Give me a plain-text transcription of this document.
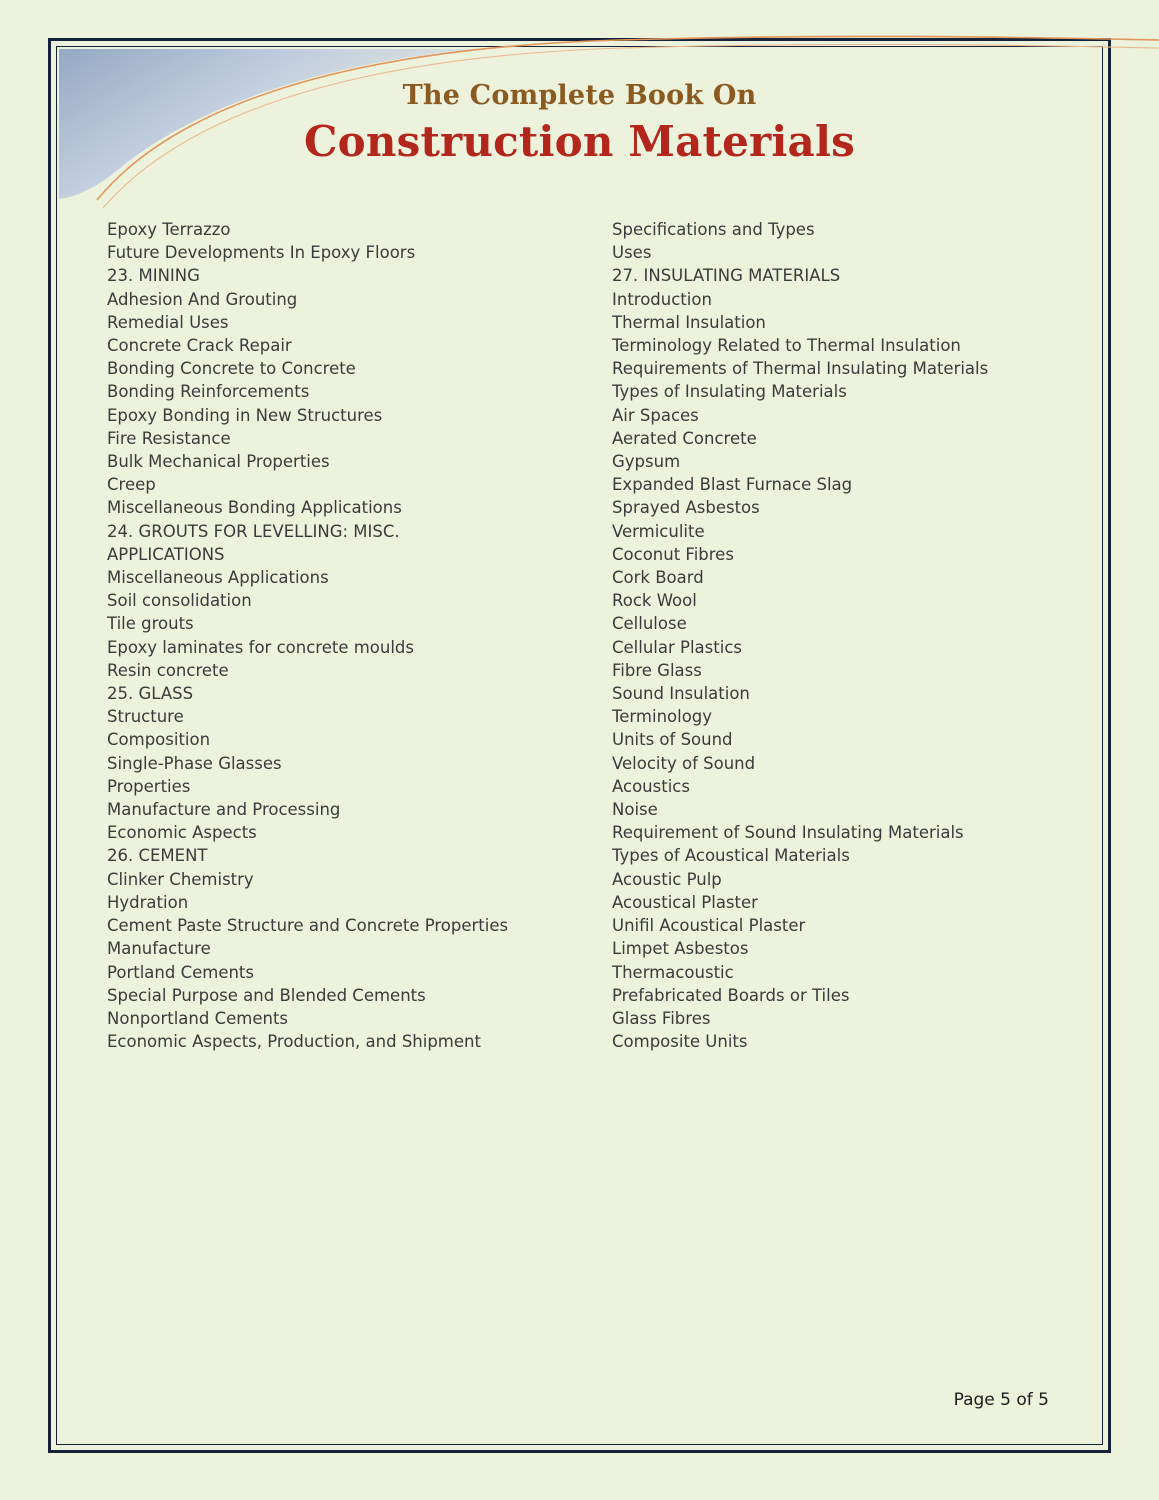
The Complete Book On
Construction Materials
Epoxy Terrazzo
Future Developments In Epoxy Floors
23. MINING
Adhesion And Grouting
Remedial Uses
Concrete Crack Repair
Bonding Concrete to Concrete
Bonding Reinforcements
Epoxy Bonding in New Structures
Fire Resistance
Bulk Mechanical Properties
Creep
Miscellaneous Bonding Applications
24. GROUTS FOR LEVELLING: MISC.
APPLICATIONS
Miscellaneous Applications
Soil consolidation
Tile grouts
Epoxy laminates for concrete moulds
Resin concrete
25. GLASS
Structure
Composition
Single-Phase Glasses
Properties
Manufacture and Processing
Economic Aspects
26. CEMENT
Clinker Chemistry
Hydration
Cement Paste Structure and Concrete Properties
Manufacture
Portland Cements
Special Purpose and Blended Cements
Nonportland Cements
Economic Aspects, Production, and Shipment
Specifications and Types
Uses
27. INSULATING MATERIALS
Introduction
Thermal Insulation
Terminology Related to Thermal Insulation
Requirements of Thermal Insulating Materials
Types of Insulating Materials
Air Spaces
Aerated Concrete
Gypsum
Expanded Blast Furnace Slag
Sprayed Asbestos
Vermiculite
Coconut Fibres
Cork Board
Rock Wool
Cellulose
Cellular Plastics
Fibre Glass
Sound Insulation
Terminology
Units of Sound
Velocity of Sound
Acoustics
Noise
Requirement of Sound Insulating Materials
Types of Acoustical Materials
Acoustic Pulp
Acoustical Plaster
Unifil Acoustical Plaster
Limpet Asbestos
Thermacoustic
Prefabricated Boards or Tiles
Glass Fibres
Composite Units
Page 5 of 5
